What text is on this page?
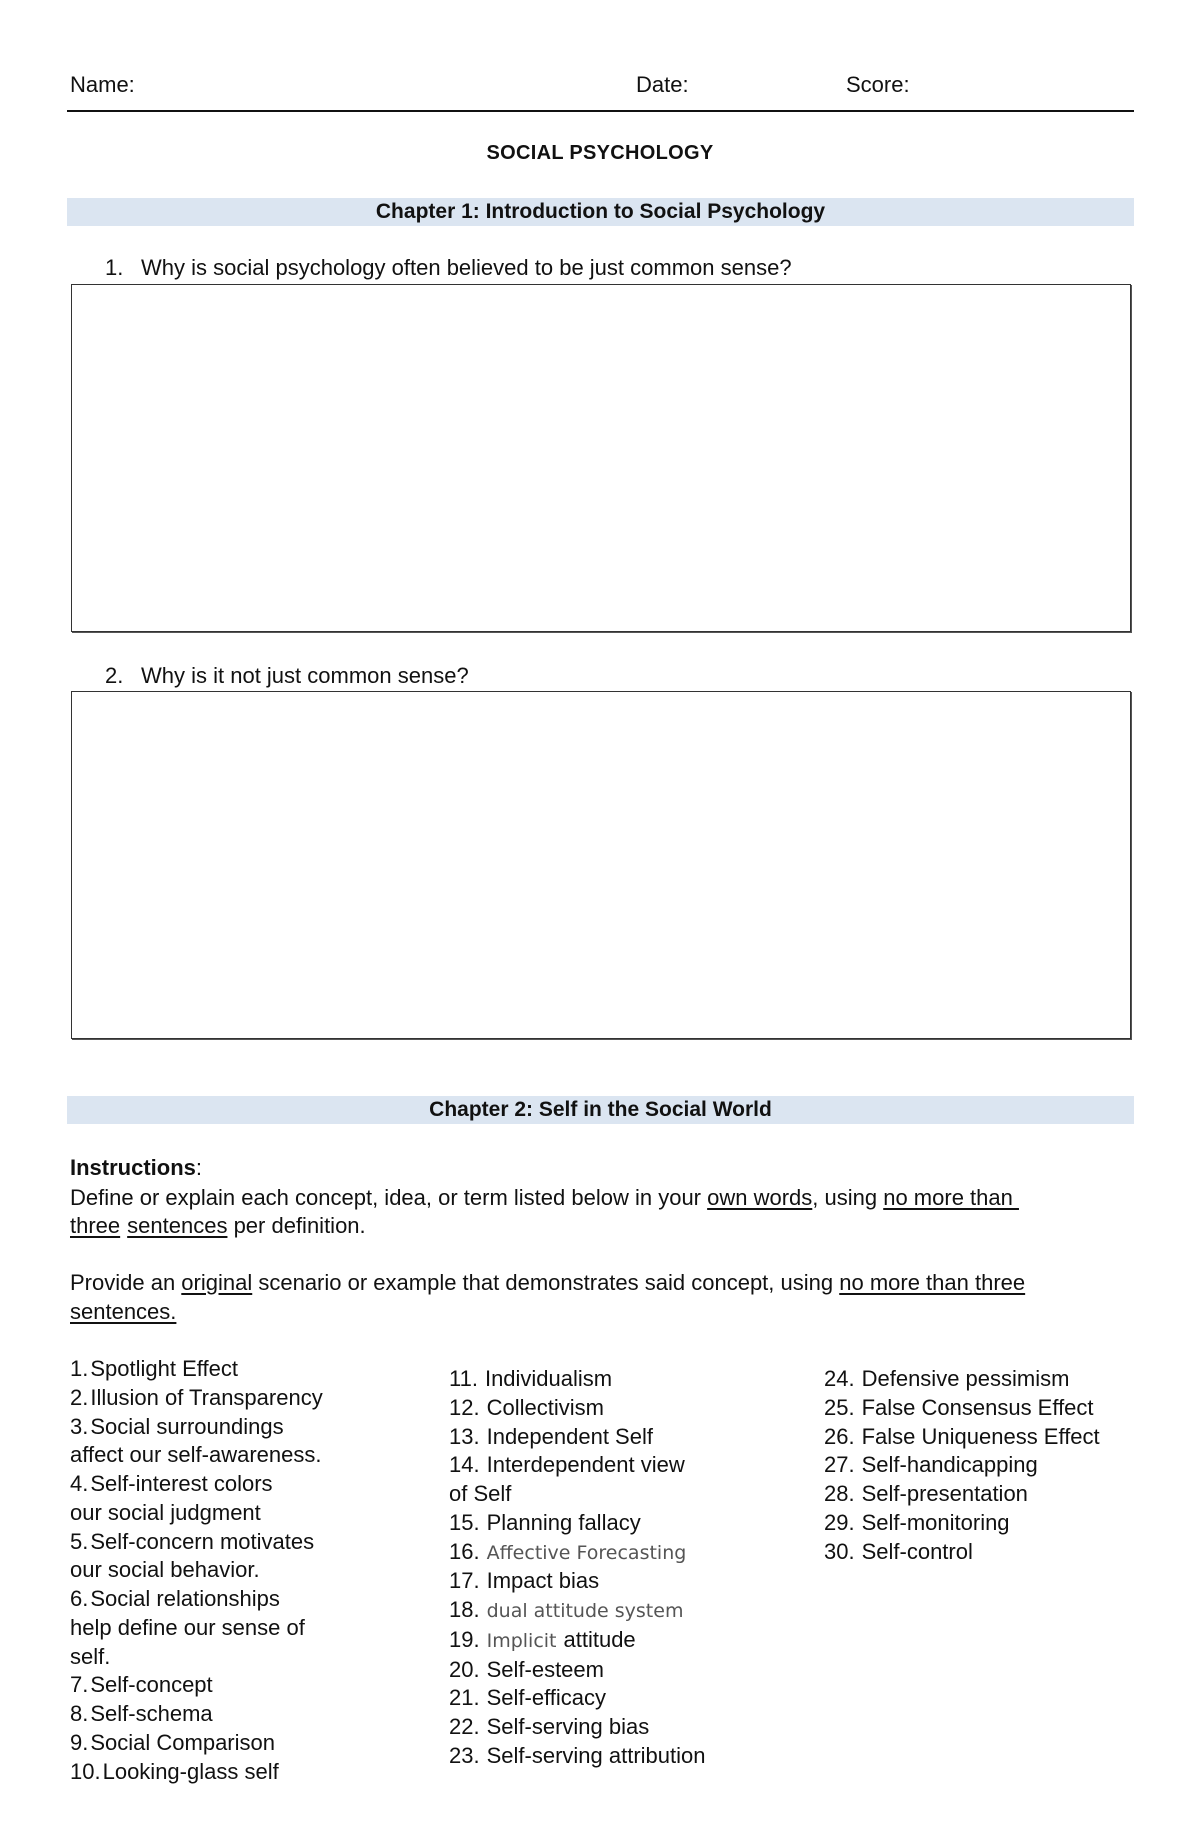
Name:	Date:	Score:
SOCIAL PSYCHOLOGY
Chapter 1: Introduction to Social Psychology
1. Why is social psychology often believed to be just common sense?
2. Why is it not just common sense?
Chapter 2: Self in the Social World
Instructions:
Define or explain each concept, idea, or term listed below in your own words, using no more than
three sentences per definition.
Provide an original scenario or example that demonstrates said concept, using no more than three
sentences.
1.Spotlight Effect
2.Illusion of Transparency
3.Social surroundings
affect our self-awareness.
4.Self-interest colors
our social judgment
5.Self-concern motivates
our social behavior.
6.Social relationships
help define our sense of
self.
7.Self-concept
8.Self-schema
9.Social Comparison
10.Looking-glass self
11. Individualism
12. Collectivism
13. Independent Self
14. Interdependent view
of Self
15. Planning fallacy
16. Affective Forecasting
17. Impact bias
18. dual attitude system
19. Implicit attitude
20. Self-esteem
21. Self-efficacy
22. Self-serving bias
23. Self-serving attribution
24. Defensive pessimism
25. False Consensus Effect
26. False Uniqueness Effect
27. Self-handicapping
28. Self-presentation
29. Self-monitoring
30. Self-control
